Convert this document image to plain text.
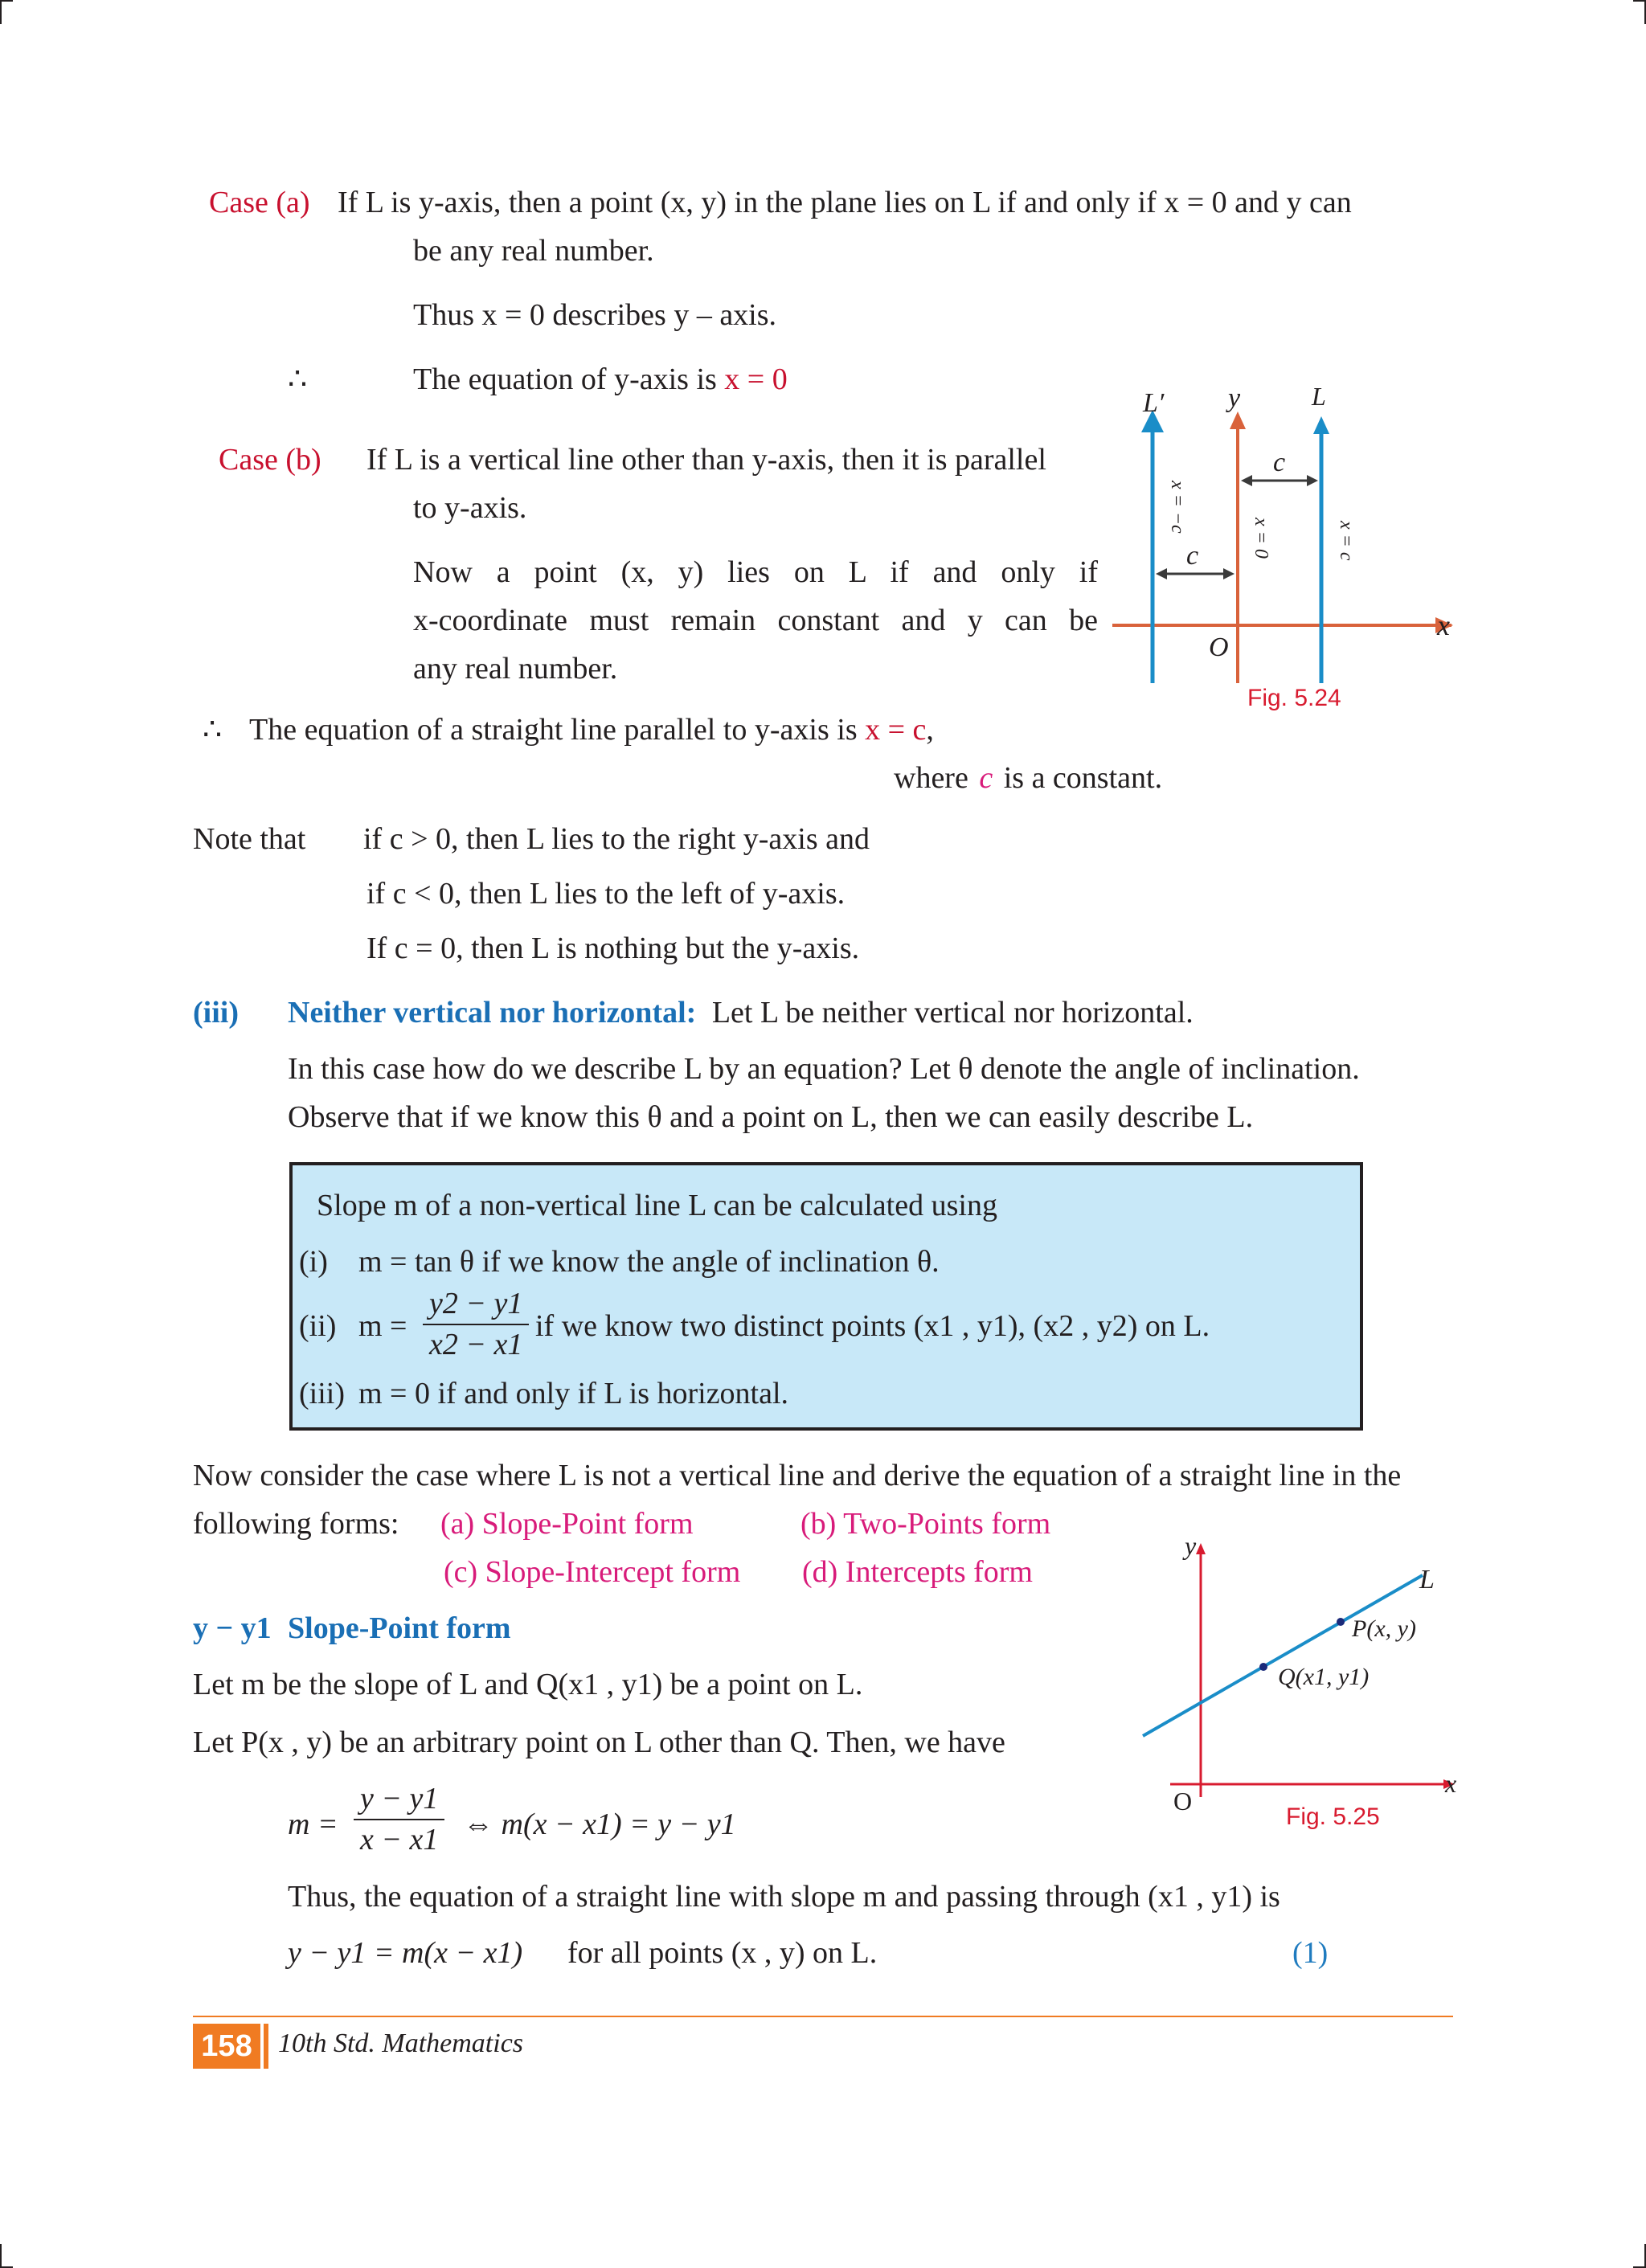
Case (a) If L is y-axis, then a point (x, y) in the plane lies on L if and only if x = 0 and y can
be any real number.
Thus x = 0 describes y – axis.
∴	The equation of y-axis is x = 0
Case (b) If L is a vertical line other than y-axis, then it is parallel
to y-axis.
Now a point (x, y) lies on L if and only if
x-coordinate must remain constant and y can be
any real number.
L′ y	L
c
c
x
O
x = −c
x = 0	x = c
Fig. 5.24
∴ The equation of a straight line parallel to y-axis is x = c,
where c is a constant.
Note that if c > 0, then L lies to the right y-axis and
if c < 0, then L lies to the left of y-axis.
If c = 0, then L is nothing but the y-axis.
(iii) Neither vertical nor horizontal: Let L be neither vertical nor horizontal.
In this case how do we describe L by an equation? Let θ denote the angle of inclination.
Observe that if we know this θ and a point on L, then we can easily describe L.
Slope m of a non-vertical line L can be calculated using
(i) m = tan θ if we know the angle of inclination θ.
(ii) $m = \frac{y2 - y1}{x2 - x1}$ if we know two distinct points (x1 , y1), (x2 , y2) on L.
(iii) m = 0 if and only if L is horizontal.
Now consider the case where L is not a vertical line and derive the equation of a straight line in the
following forms: (a) Slope-Point form	(b) Two-Points form
(c) Slope-Intercept form (d) Intercepts form
y − y1 Slope-Point form
Let m be the slope of L and Q(x1 , y1) be a point on L.
Let P(x , y) be an arbitrary point on L other than Q. Then, we have
$m = \frac{y - y1}{x - x1}$ ⇔ m(x − x1) = y − y1
Thus, the equation of a straight line with slope m and passing through (x1 , y1) is
y − y1 = m(x − x1) for all points (x , y) on L.	(1)
y
L
P(x, y)
Q(x1, y1)
x
O
Fig. 5.25
158 10th Std. Mathematics
